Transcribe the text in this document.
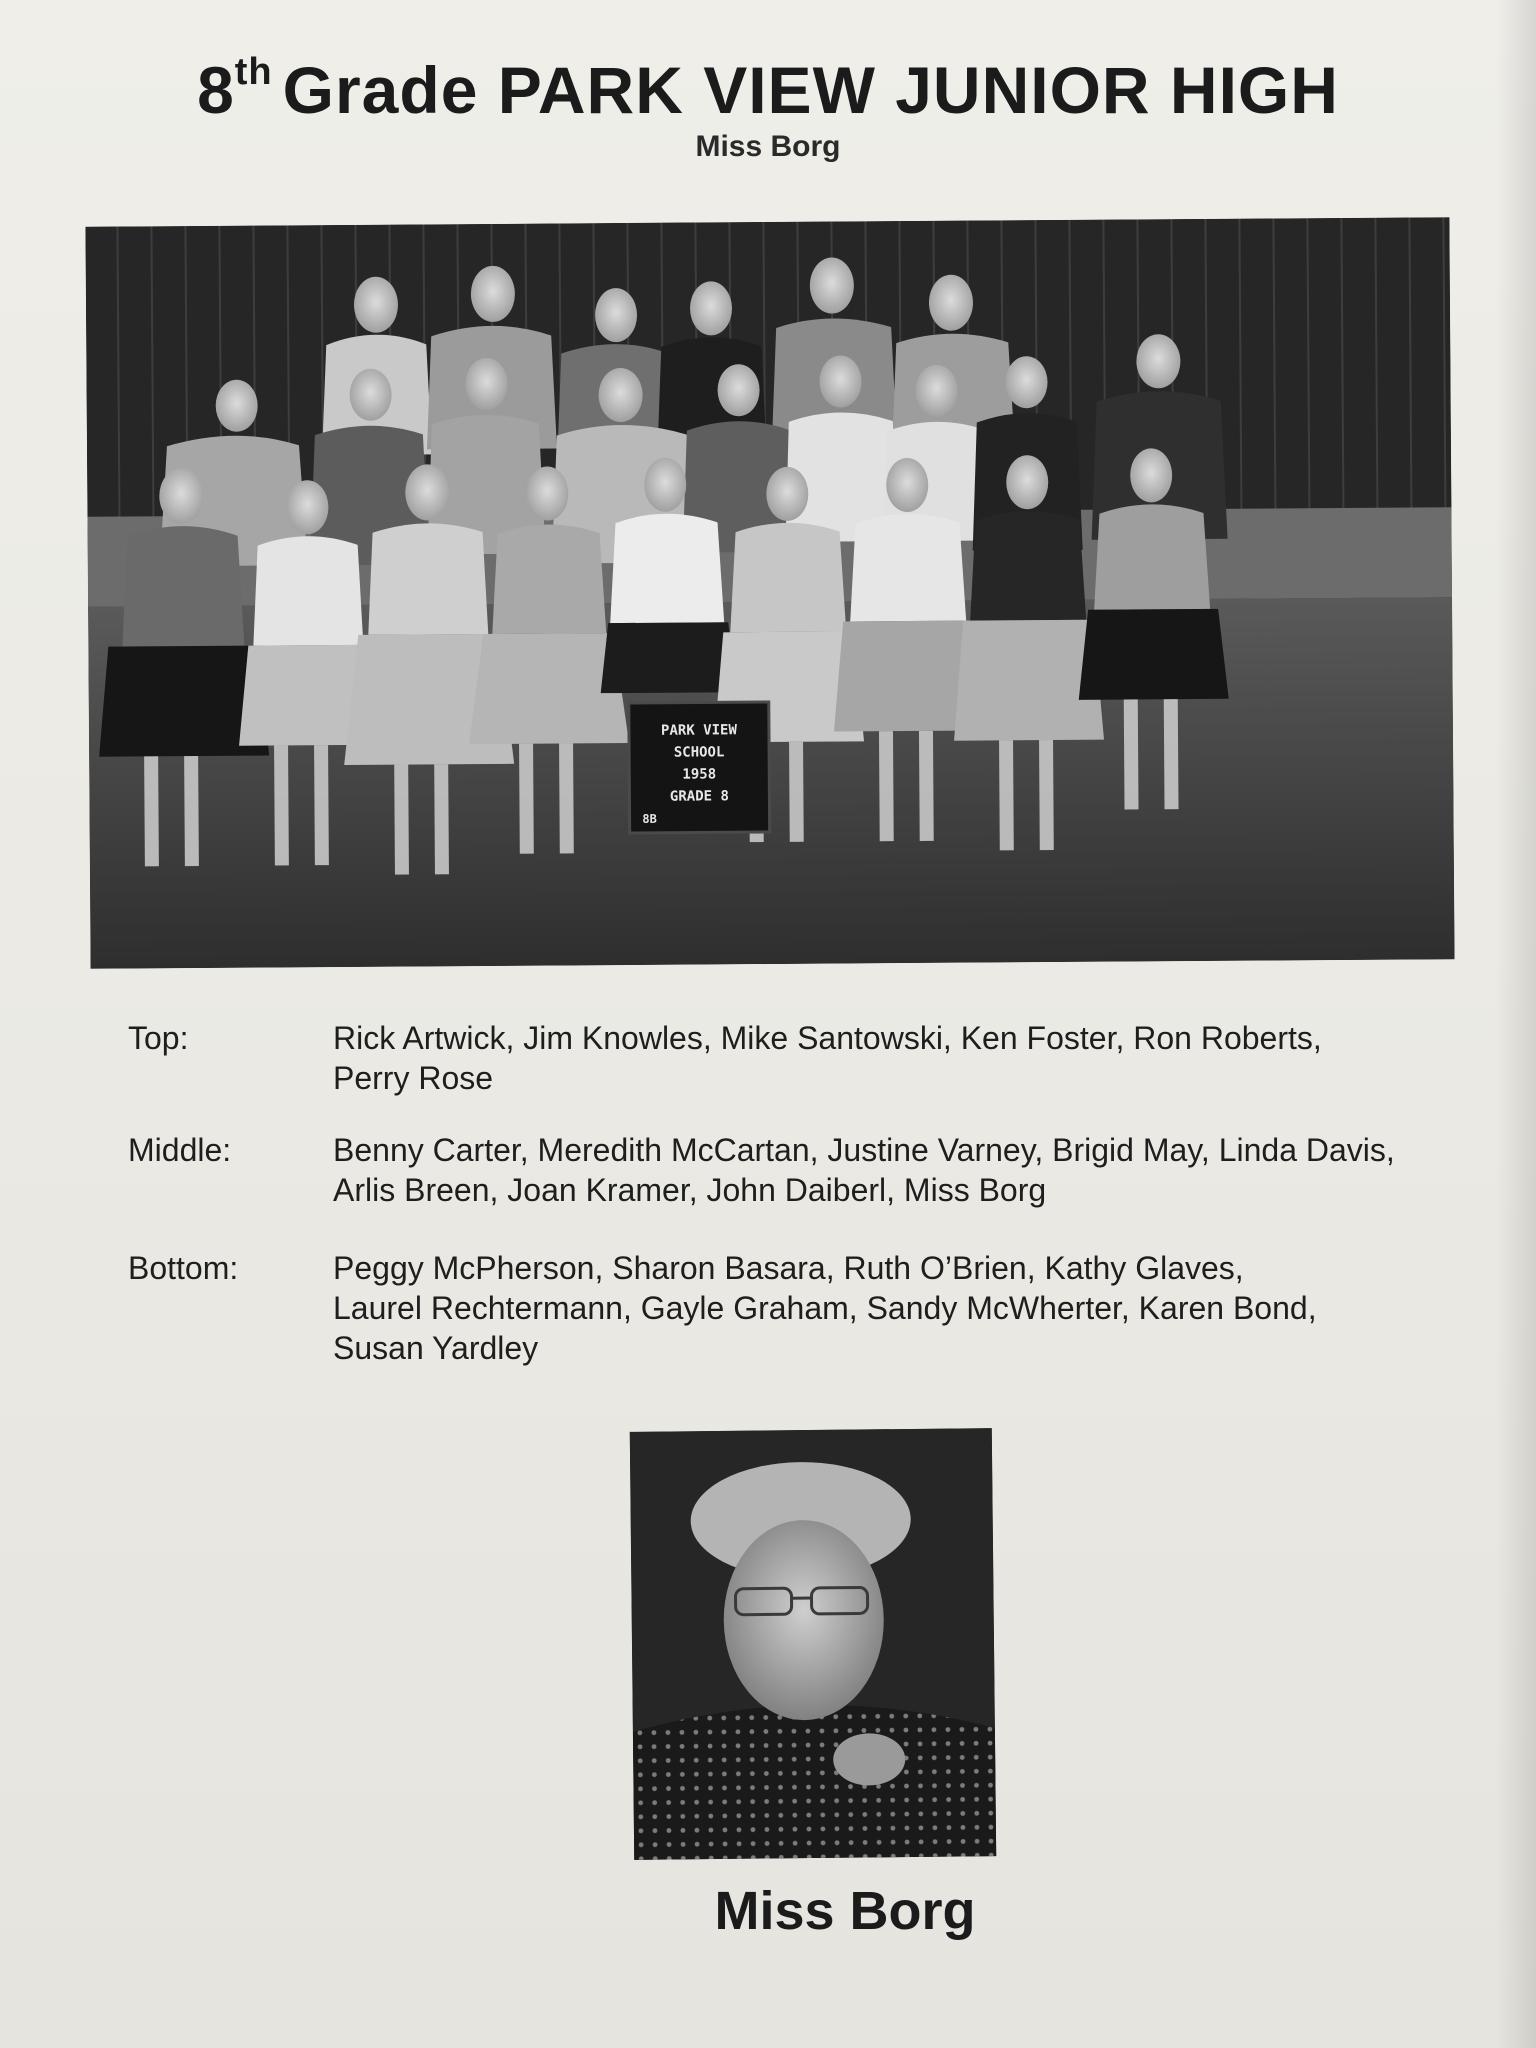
8th Grade PARK VIEW JUNIOR HIGH
Miss Borg
PARK VIEW
SCHOOL
1958
GRADE 8
8B
Top:	Rick Artwick, Jim Knowles, Mike Santowski, Ken Foster, Ron Roberts,
Perry Rose
Middle:	Benny Carter, Meredith McCartan, Justine Varney, Brigid May, Linda Davis,
Arlis Breen, Joan Kramer, John Daiberl, Miss Borg
Bottom:	Peggy McPherson, Sharon Basara, Ruth O’Brien, Kathy Glaves,
Laurel Rechtermann, Gayle Graham, Sandy McWherter, Karen Bond,
Susan Yardley
Miss Borg
